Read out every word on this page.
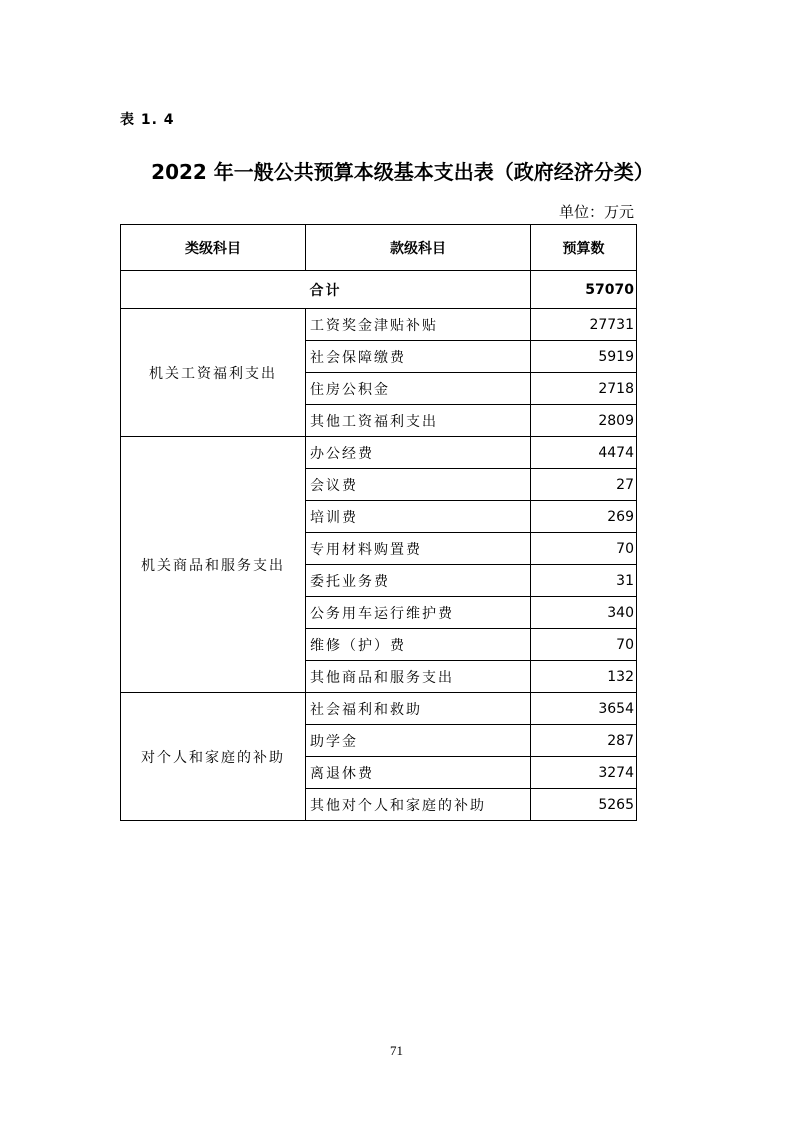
表 1. 4
2022 年一般公共预算本级基本支出表（政府经济分类）
单位：万元
类级科目	款级科目	预算数
合计		57070
机关工资福利支出	工资奖金津贴补贴	27731
	社会保障缴费	5919
	住房公积金	2718
	其他工资福利支出	2809
机关商品和服务支出	办公经费	4474
	会议费	27
	培训费	269
	专用材料购置费	70
	委托业务费	31
	公务用车运行维护费	340
	维修（护）费	70
	其他商品和服务支出	132
对个人和家庭的补助	社会福利和救助	3654
	助学金	287
	离退休费	3274
	其他对个人和家庭的补助	5265
71
